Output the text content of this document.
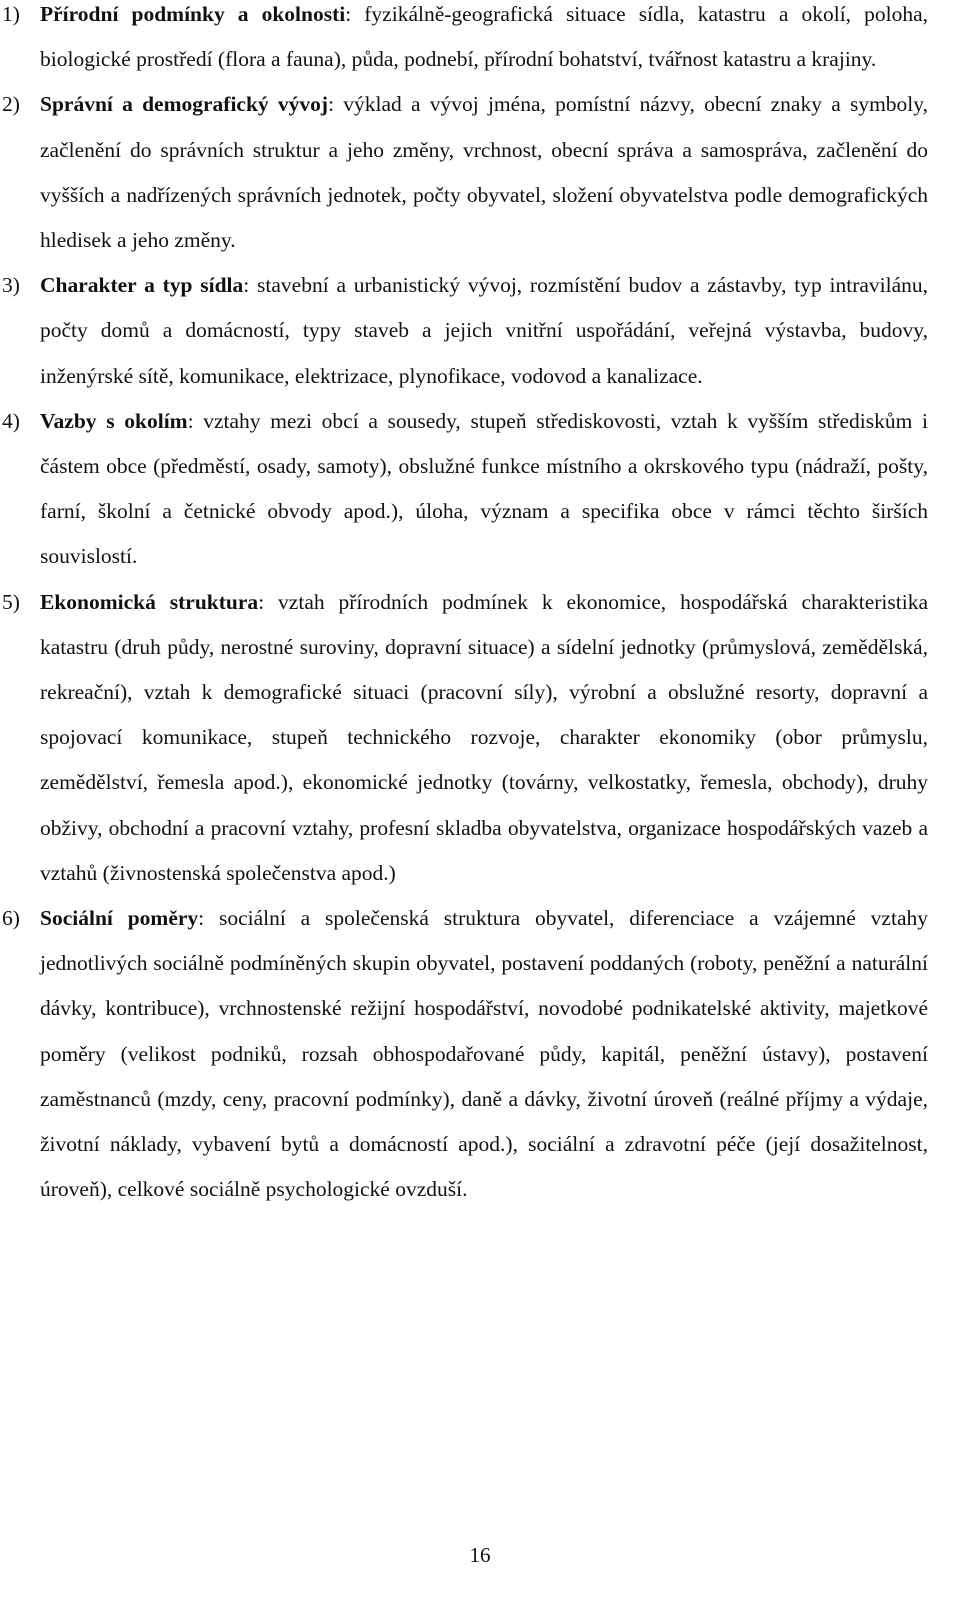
1) Přírodní podmínky a okolnosti: fyzikálně-geografická situace sídla, katastru a okolí, poloha, biologické prostředí (flora a fauna), půda, podnebí, přírodní bohatství, tvářnost katastru a krajiny.
2) Správní a demografický vývoj: výklad a vývoj jména, pomístní názvy, obecní znaky a symboly, začlenění do správních struktur a jeho změny, vrchnost, obecní správa a samospráva, začlenění do vyšších a nadřízených správních jednotek, počty obyvatel, složení obyvatelstva podle demografických hledisek a jeho změny.
3) Charakter a typ sídla: stavební a urbanistický vývoj, rozmístění budov a zástavby, typ intravilánu, počty domů a domácností, typy staveb a jejich vnitřní uspořádání, veřejná výstavba, budovy, inženýrské sítě, komunikace, elektrizace, plynofikace, vodovod a kanalizace.
4) Vazby s okolím: vztahy mezi obcí a sousedy, stupeň střediskovosti, vztah k vyšším střediskům i částem obce (předměstí, osady, samoty), obslužné funkce místního a okrskového typu (nádraží, pošty, farní, školní a četnické obvody apod.), úloha, význam a specifika obce v rámci těchto širších souvislostí.
5) Ekonomická struktura: vztah přírodních podmínek k ekonomice, hospodářská charakteristika katastru (druh půdy, nerostné suroviny, dopravní situace) a sídelní jednotky (průmyslová, zemědělská, rekreační), vztah k demografické situaci (pracovní síly), výrobní a obslužné resorty, dopravní a spojovací komunikace, stupeň technického rozvoje, charakter ekonomiky (obor průmyslu, zemědělství, řemesla apod.), ekonomické jednotky (továrny, velkostatky, řemesla, obchody), druhy obživy, obchodní a pracovní vztahy, profesní skladba obyvatelstva, organizace hospodářských vazeb a vztahů (živnostenská společenstva apod.)
6) Sociální poměry: sociální a společenská struktura obyvatel, diferenciace a vzájemné vztahy jednotlivých sociálně podmíněných skupin obyvatel, postavení poddaných (roboty, peněžní a naturální dávky, kontribuce), vrchnostenské režijní hospodářství, novodobé podnikatelské aktivity, majetkové poměry (velikost podniků, rozsah obhospodařované půdy, kapitál, peněžní ústavy), postavení zaměstnanců (mzdy, ceny, pracovní podmínky), daně a dávky, životní úroveň (reálné příjmy a výdaje, životní náklady, vybavení bytů a domácností apod.), sociální a zdravotní péče (její dosažitelnost, úroveň), celkové sociálně psychologické ovzduší.
16
